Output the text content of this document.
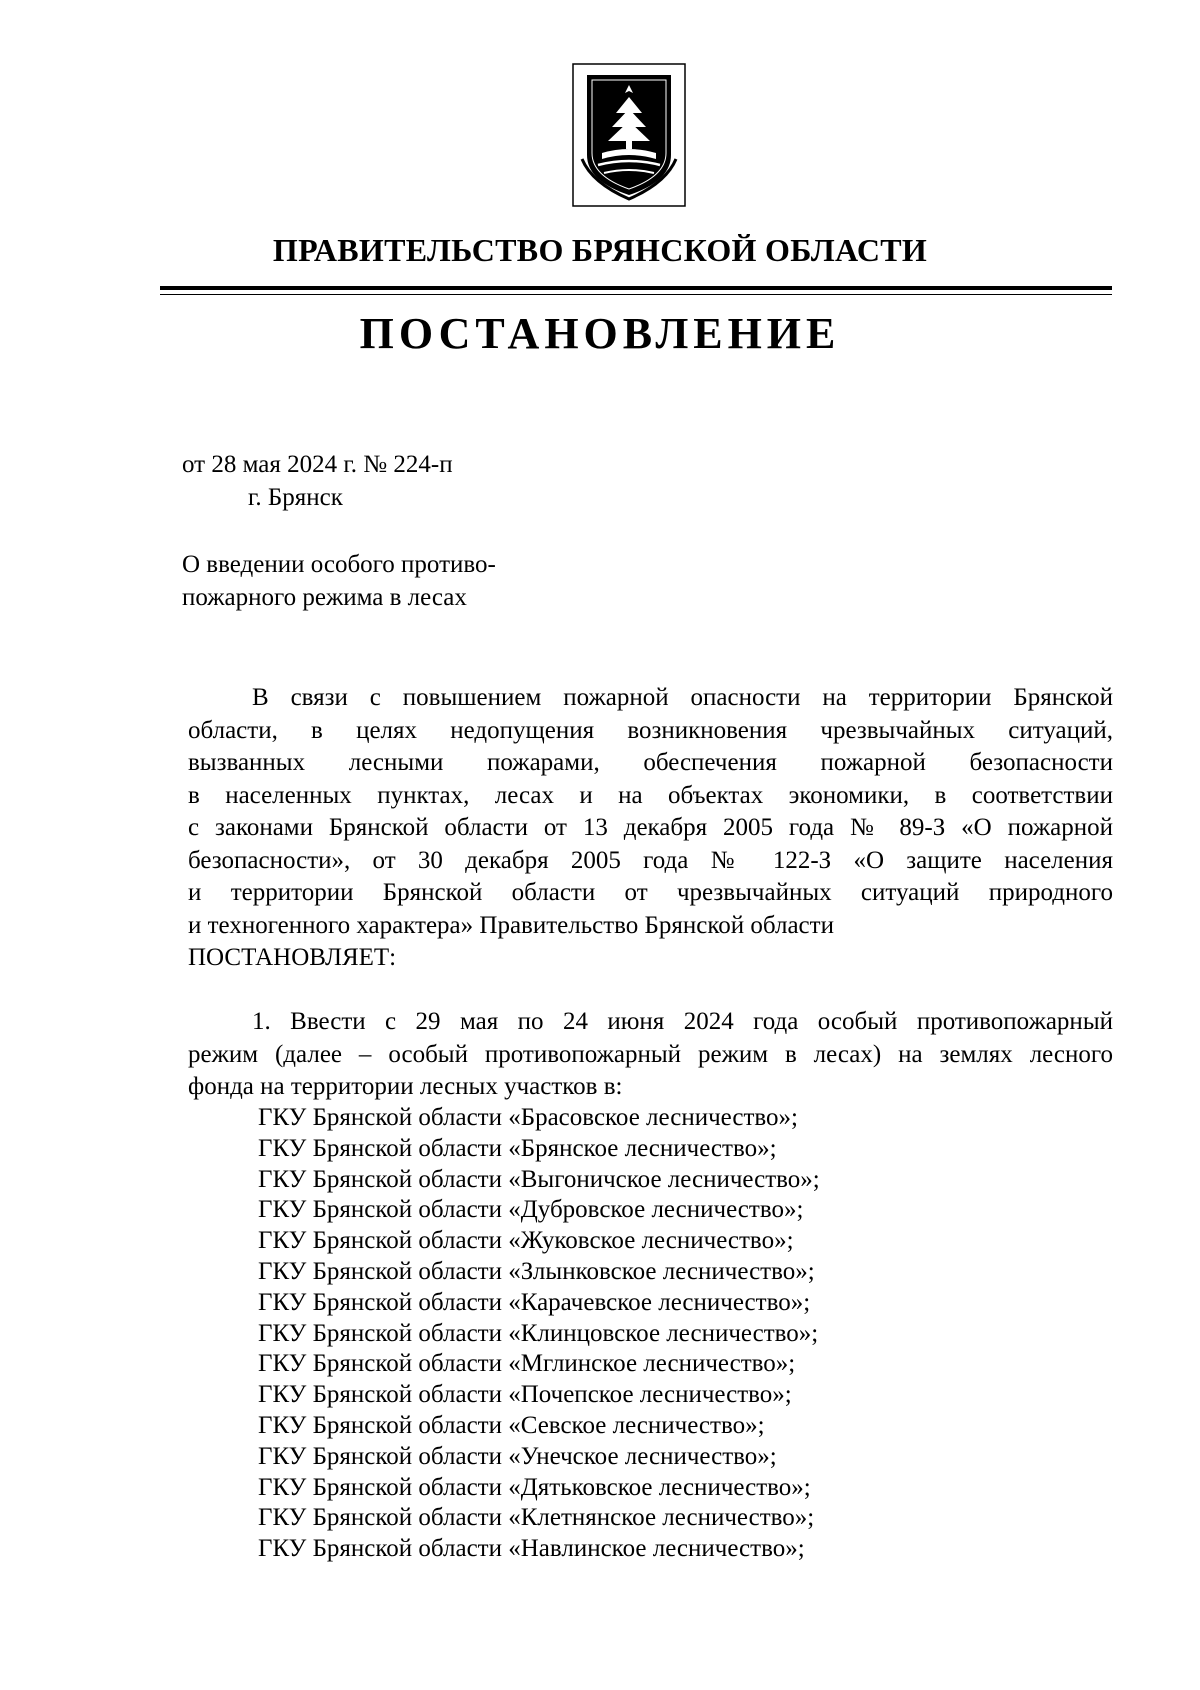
ПРАВИТЕЛЬСТВО БРЯНСКОЙ ОБЛАСТИ
ПОСТАНОВЛЕНИЕ
от 28 мая 2024 г. № 224-п
г. Брянск
О введении особого противо-
пожарного режима в лесах
В связи с повышением пожарной опасности на территории Брянской
области, в целях недопущения возникновения чрезвычайных ситуаций,
вызванных лесными пожарами, обеспечения пожарной безопасности
в населенных пунктах, лесах и на объектах экономики, в соответствии
с законами Брянской области от 13 декабря 2005 года № 89-З «О пожарной
безопасности», от 30 декабря 2005 года № 122-З «О защите населения
и территории Брянской области от чрезвычайных ситуаций природного
и техногенного характера» Правительство Брянской области
ПОСТАНОВЛЯЕТ:
1. Ввести с 29 мая по 24 июня 2024 года особый противопожарный
режим (далее – особый противопожарный режим в лесах) на землях лесного
фонда на территории лесных участков в:
ГКУ Брянской области «Брасовское лесничество»;
ГКУ Брянской области «Брянское лесничество»;
ГКУ Брянской области «Выгоничское лесничество»;
ГКУ Брянской области «Дубровское лесничество»;
ГКУ Брянской области «Жуковское лесничество»;
ГКУ Брянской области «Злынковское лесничество»;
ГКУ Брянской области «Карачевское лесничество»;
ГКУ Брянской области «Клинцовское лесничество»;
ГКУ Брянской области «Мглинское лесничество»;
ГКУ Брянской области «Почепское лесничество»;
ГКУ Брянской области «Севское лесничество»;
ГКУ Брянской области «Унечское лесничество»;
ГКУ Брянской области «Дятьковское лесничество»;
ГКУ Брянской области «Клетнянское лесничество»;
ГКУ Брянской области «Навлинское лесничество»;
